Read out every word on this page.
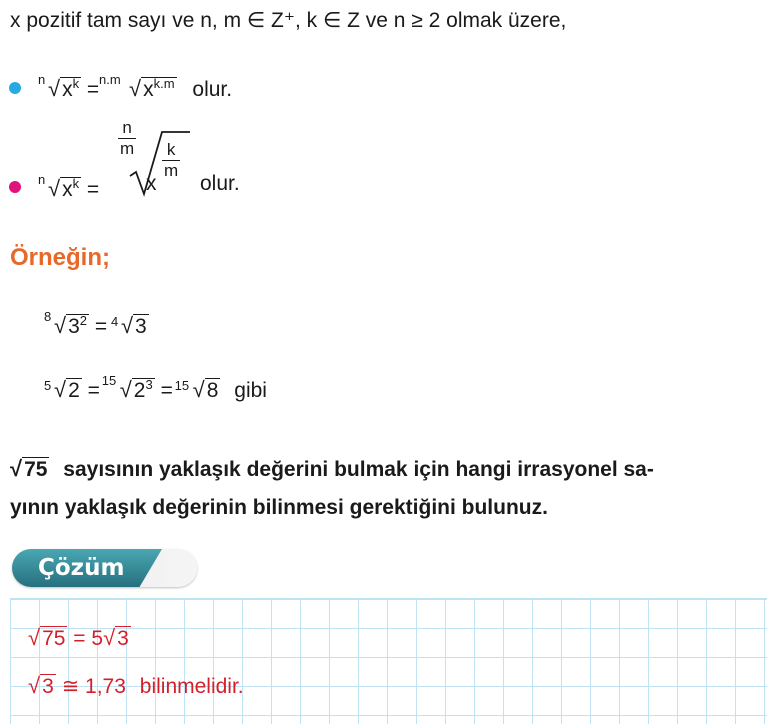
x pozitif tam sayı ve n, m ∈ Z⁺, k ∈ Z ve n ≥ 2 olmak üzere,
n $√x^k$ =
n.m $√x^{k.m}$ olur.
n $√x^k$ =
$\frac{n}{m}$
x
$\frac{k}{m}$
olur.
Örneğin;
8 $√3^2$ =
4 √3
5 √2 =
15 $√2^3$ =
15 √8 gibi
√75 sayısının yaklaşık değerini bulmak için hangi irrasyonel sa-
yının yaklaşık değerinin bilinmesi gerektiğini bulunuz.
Çözüm
√75 = 5√3
√3 ≅ 1,73 bilinmelidir.
